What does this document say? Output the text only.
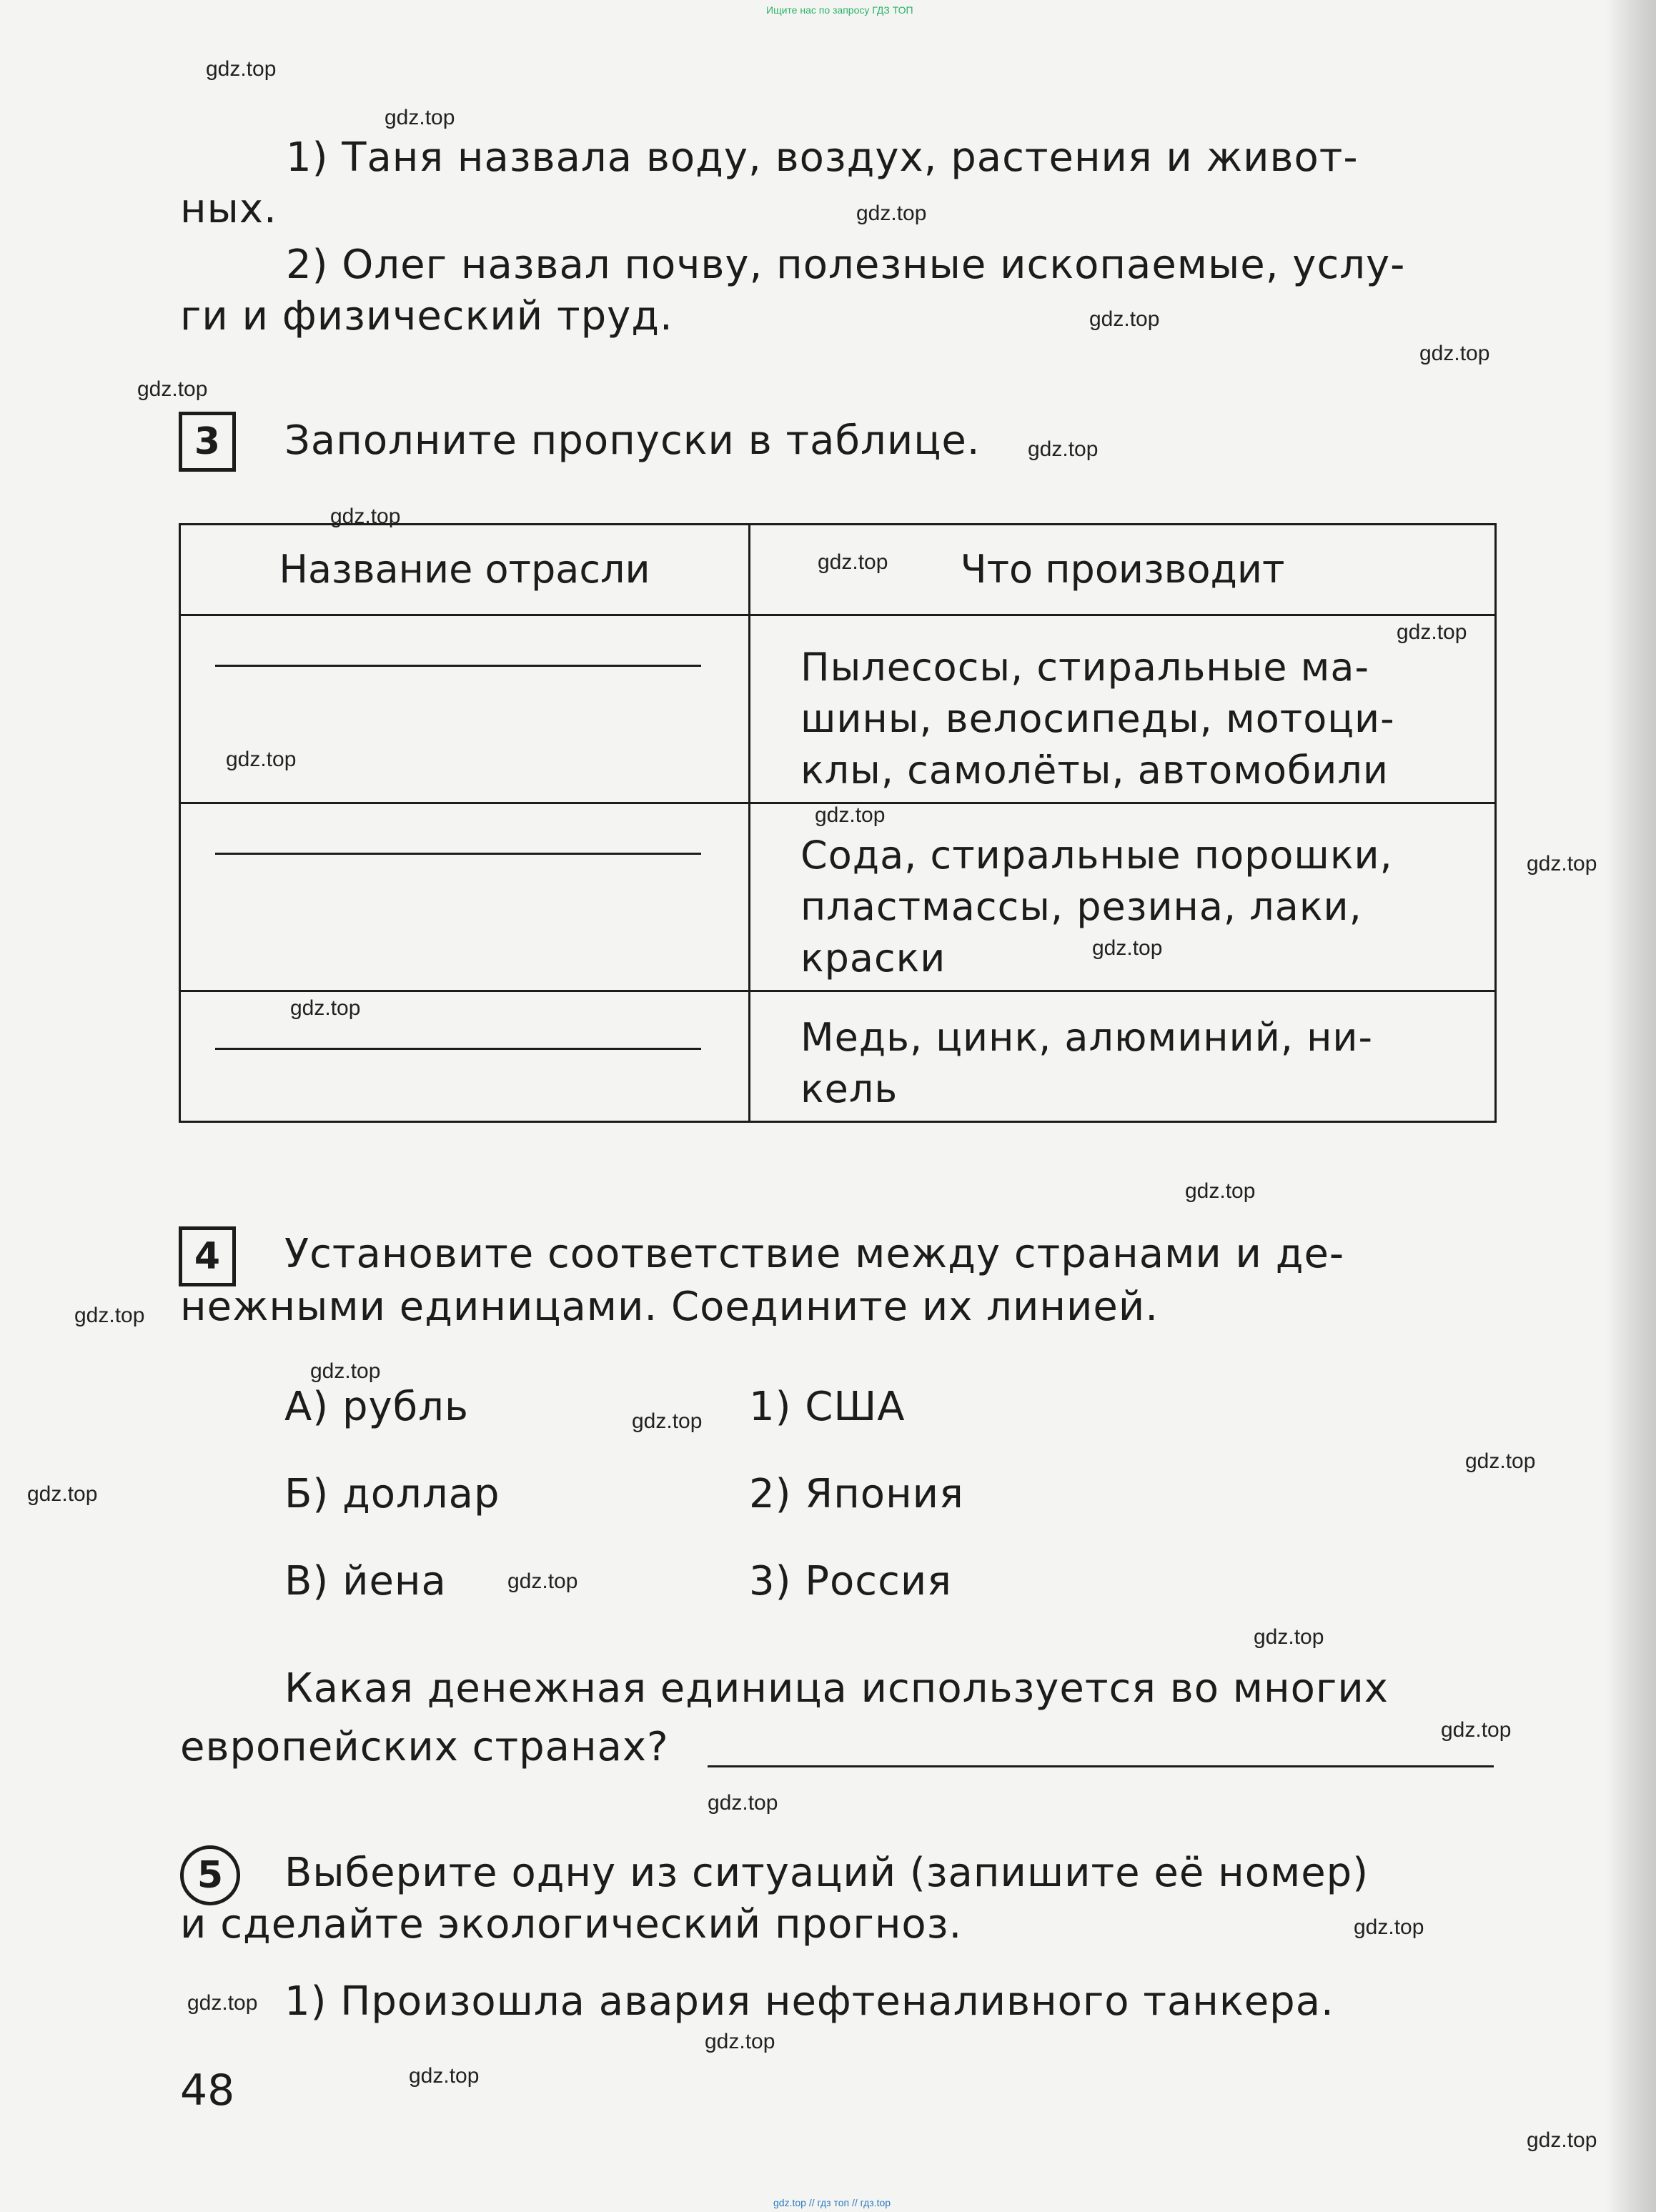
Ищите нас по запросу ГДЗ ТОП
1) Таня назвала воду, воздух, растения и живот-
ных.
2) Олег назвал почву, полезные ископаемые, услу-
ги и физический труд.
3	Заполните пропуски в таблице.
Название отрасли	Что производит

	Пылесосы, стиральные ма-
шины, велосипеды, мотоци-
клы, самолёты, автомобили

	Сода, стиральные порошки,
пластмассы, резина, лаки,
краски

	Медь, цинк, алюминий, ни-
кель
4	Установите соответствие между странами и де-
нежными единицами. Соедините их линией.
А) рубль
Б) доллар
В) йена
1) США
2) Япония
3) Россия
Какая денежная единица используется во многих
европейских странах?
5	Выберите одну из ситуаций (запишите её номер)
и сделайте экологический прогноз.
1) Произошла авария нефтеналивного танкера.
48
gdz.top
gdz.top
gdz.top
gdz.top
gdz.top
gdz.top
gdz.top
gdz.top
gdz.top
gdz.top
gdz.top
gdz.top
gdz.top
gdz.top
gdz.top
gdz.top
gdz.top
gdz.top
gdz.top
gdz.top
gdz.top
gdz.top
gdz.top
gdz.top
gdz.top
gdz.top
gdz.top
gdz.top
gdz.top
gdz.top
gdz.top // гдз топ // гдз.top
